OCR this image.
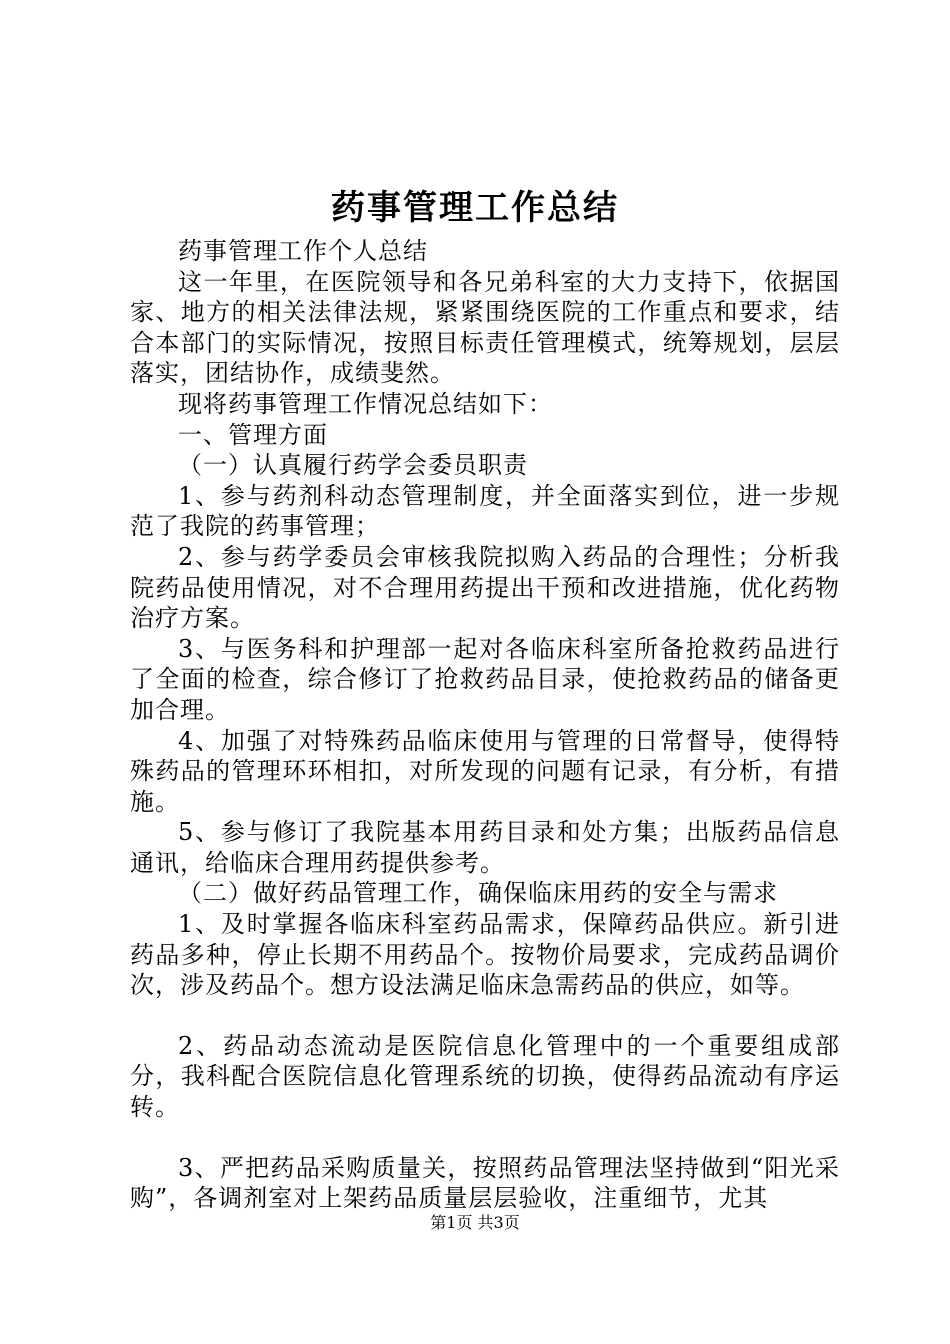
药事管理工作总结

药事管理工作个人总结

这一年里，在医院领导和各兄弟科室的大力支持下，依据国家、地方的相关法律法规，紧紧围绕医院的工作重点和要求，结合本部门的实际情况，按照目标责任管理模式，统筹规划，层层落实，团结协作，成绩斐然。

现将药事管理工作情况总结如下：

一、管理方面

（一）认真履行药学会委员职责

1、参与药剂科动态管理制度，并全面落实到位，进一步规范了我院的药事管理；

2、参与药学委员会审核我院拟购入药品的合理性；分析我院药品使用情况，对不合理用药提出干预和改进措施，优化药物治疗方案。

3、与医务科和护理部一起对各临床科室所备抢救药品进行了全面的检查，综合修订了抢救药品目录，使抢救药品的储备更加合理。

4、加强了对特殊药品临床使用与管理的日常督导，使得特殊药品的管理环环相扣，对所发现的问题有记录，有分析，有措施。

5、参与修订了我院基本用药目录和处方集；出版药品信息通讯，给临床合理用药提供参考。

（二）做好药品管理工作，确保临床用药的安全与需求

1、及时掌握各临床科室药品需求，保障药品供应。新引进药品多种，停止长期不用药品个。按物价局要求，完成药品调价次，涉及药品个。想方设法满足临床急需药品的供应，如等。

2、药品动态流动是医院信息化管理中的一个重要组成部分，我科配合医院信息化管理系统的切换，使得药品流动有序运转。

3、严把药品采购质量关，按照药品管理法坚持做到“阳光采购”，各调剂室对上架药品质量层层验收，注重细节，尤其

第1页 共3页
